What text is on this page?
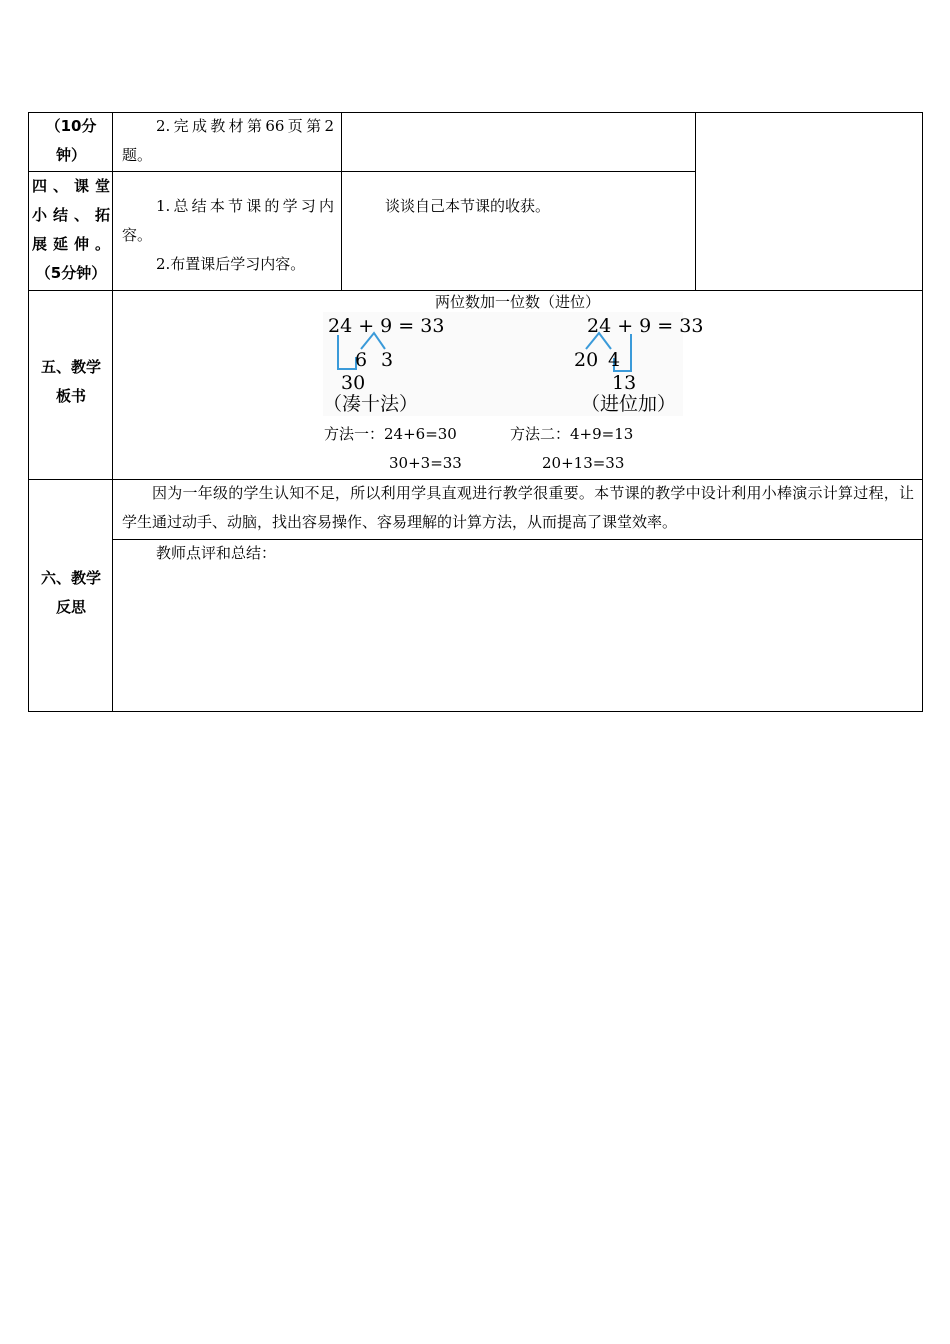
（10分
钟）
2.完成教材第66页第2
题。
四、课堂
小结、拓
展延伸。
（5分钟）
1.总结本节课的学习内
容。
2.布置课后学习内容。
谈谈自己本节课的收获。
五、教学
板书
两位数加一位数（进位）
24 + 9 = 33
6 3
30
（凑十法）
24 + 9 = 33
20 4
13
（进位加）
方法一：24+6=30
30+3=33
方法二：4+9=13
20+13=33
六、教学
反思
因为一年级的学生认知不足，所以利用学具直观进行教学很重要。本节课的教学中设计利用小棒演示计算过程，让学生通过动手、动脑，找出容易操作、容易理解的计算方法，从而提高了课堂效率。
教师点评和总结：
